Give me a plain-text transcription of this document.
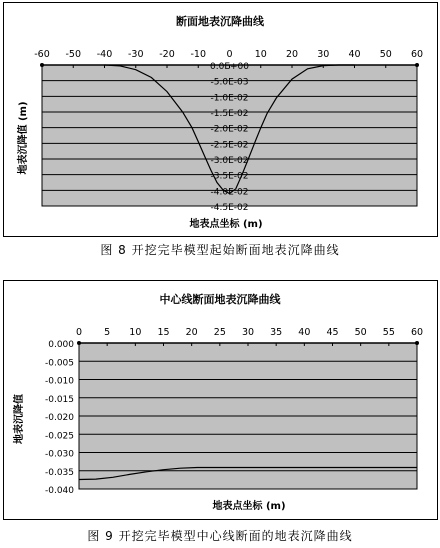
断面地表沉降曲线
地表沉降值 (m)
地表点坐标 (m)
0.0E+00
-5.0E-03
-1.0E-02
-1.5E-02
-2.0E-02
-2.5E-02
-3.0E-02
-3.5E-02
-4.0E-02
-4.5E-02
-60 -50 -40 -30 -20 -10 0 10 20 30 40 50 60
图 8 开挖完毕模型起始断面地表沉降曲线
中心线断面地表沉降曲线
地表沉降值
地表点坐标 (m)
0.000
-0.005
-0.010
-0.015
-0.020
-0.025
-0.030
-0.035
-0.040
0 5 10 15 20 25 30 35 40 45 50 55 60
图 9 开挖完毕模型中心线断面的地表沉降曲线
